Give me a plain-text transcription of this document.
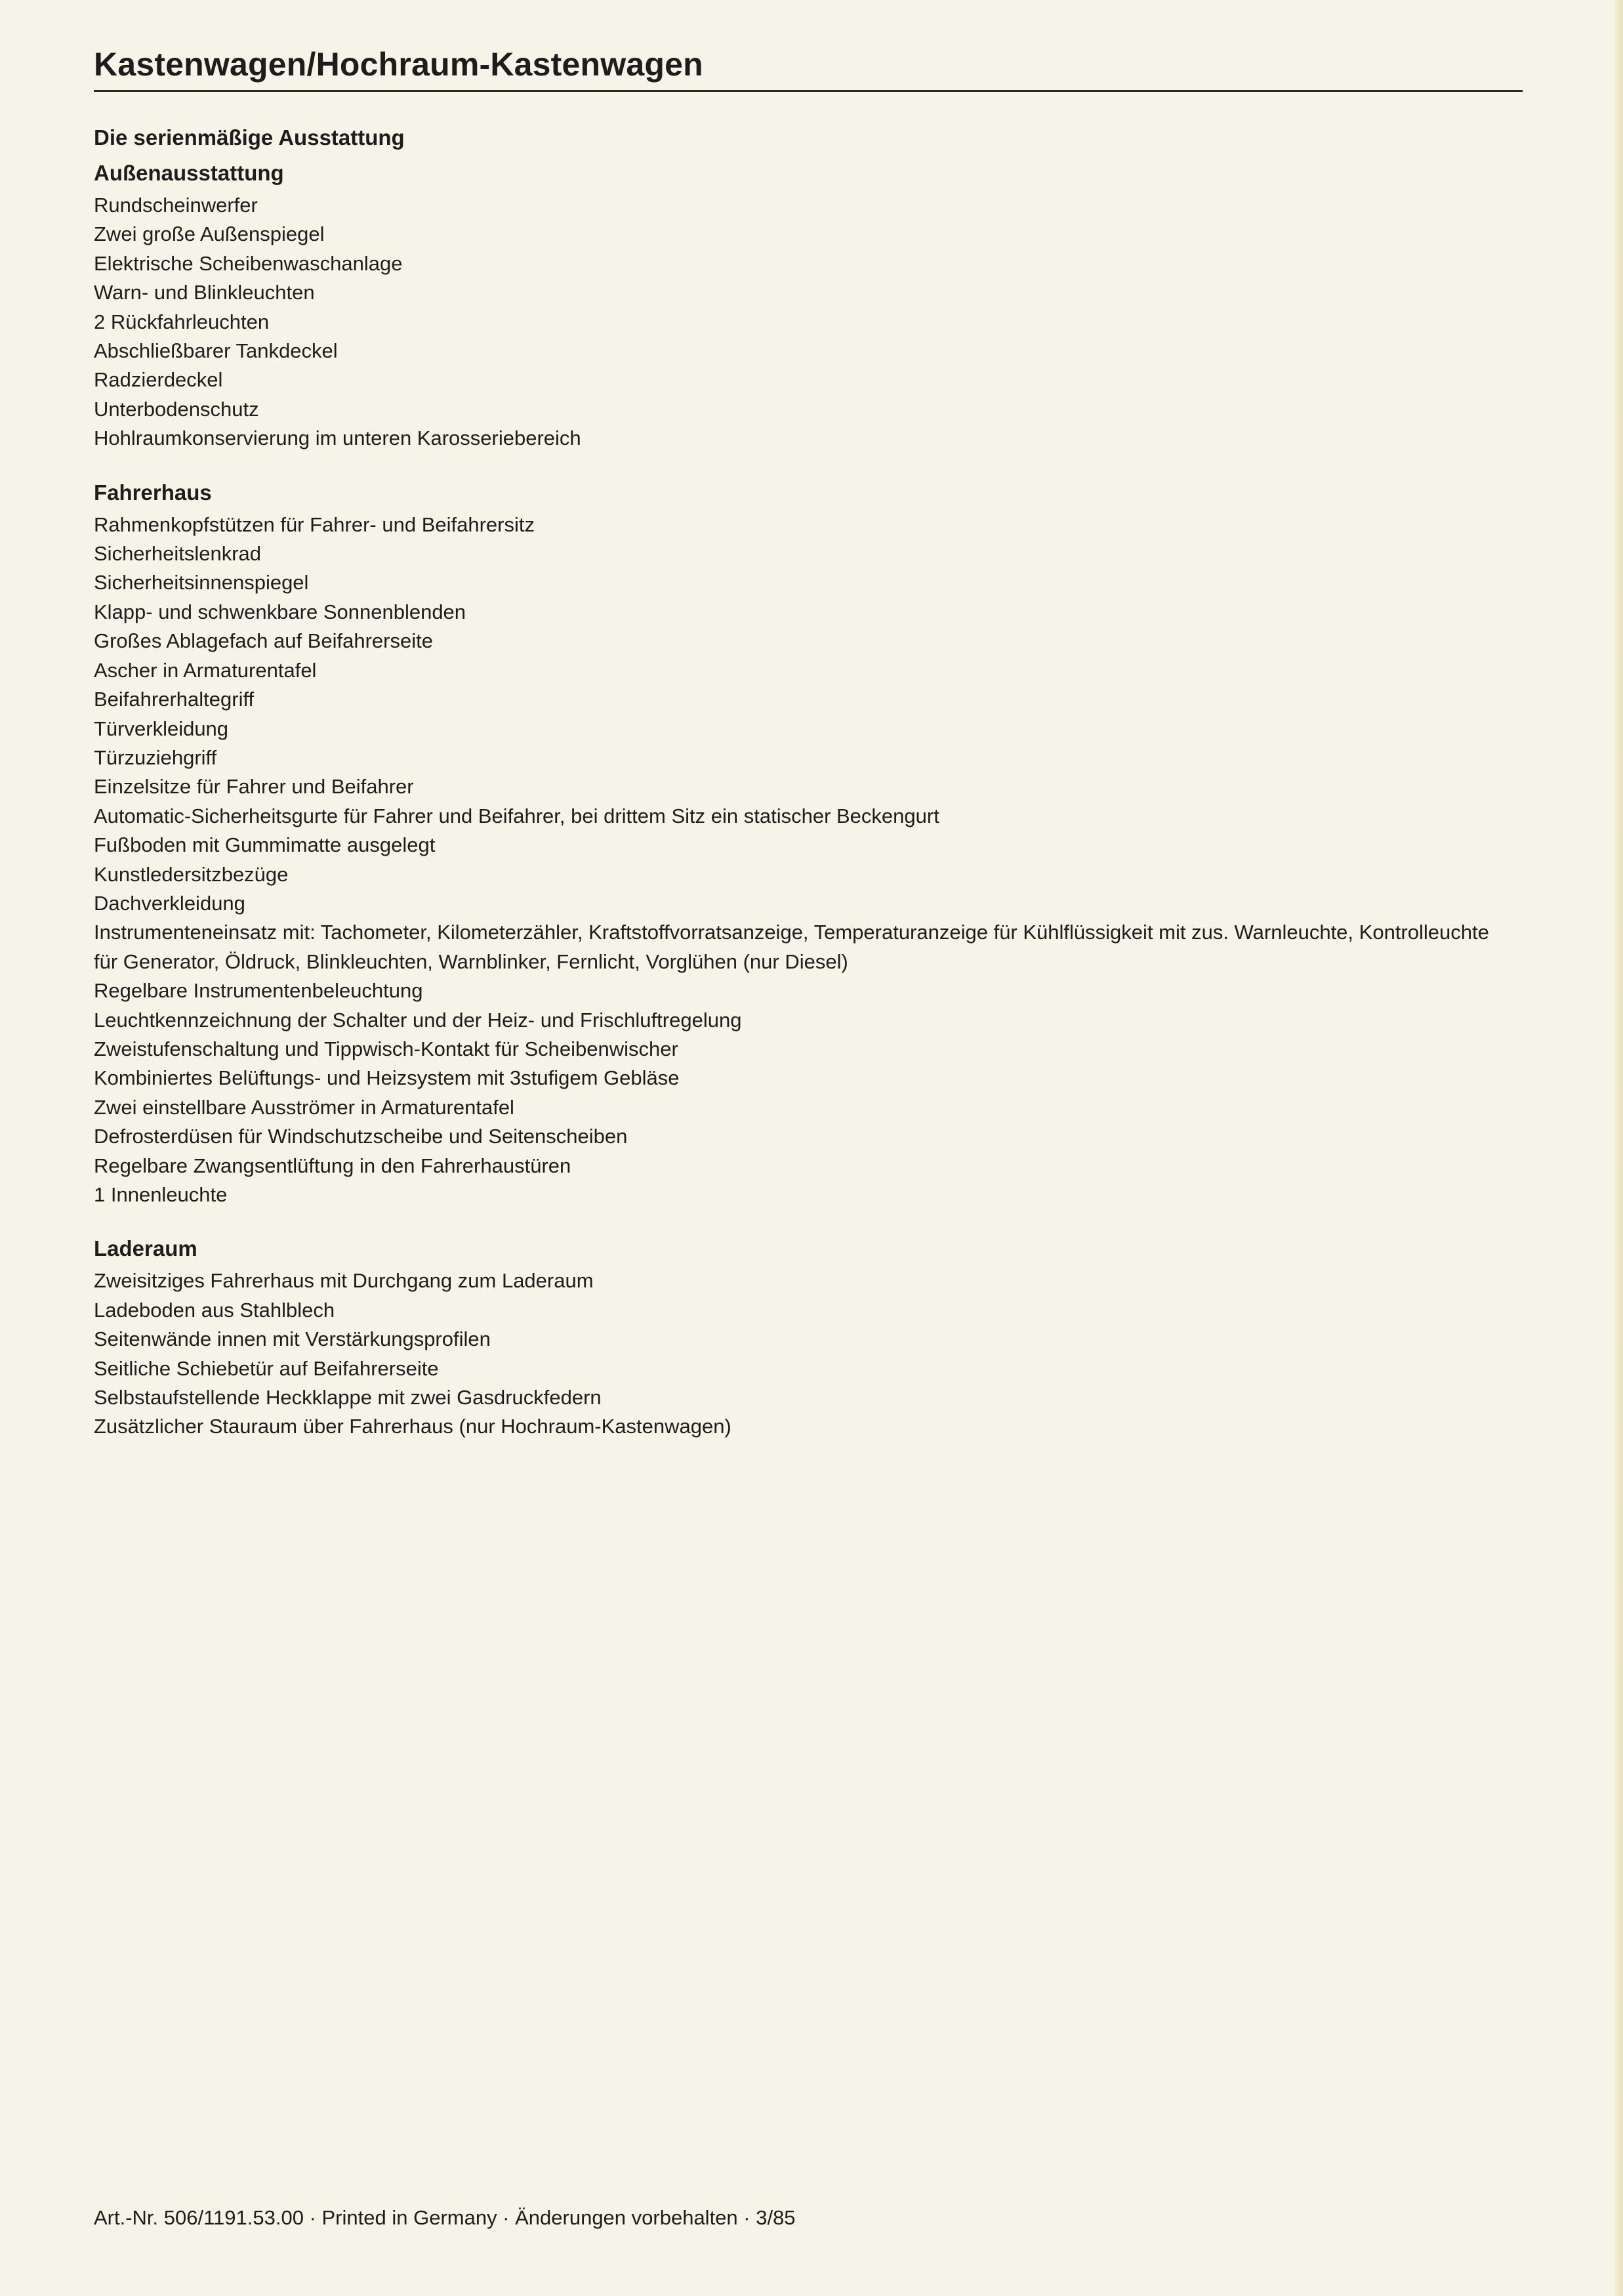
Kastenwagen/Hochraum-Kastenwagen
Die serienmäßige Ausstattung
Außenausstattung
Rundscheinwerfer
Zwei große Außenspiegel
Elektrische Scheibenwaschanlage
Warn- und Blinkleuchten
2 Rückfahrleuchten
Abschließbarer Tankdeckel
Radzierdeckel
Unterbodenschutz
Hohlraumkonservierung im unteren Karosseriebereich
Fahrerhaus
Rahmenkopfstützen für Fahrer- und Beifahrersitz
Sicherheitslenkrad
Sicherheitsinnenspiegel
Klapp- und schwenkbare Sonnenblenden
Großes Ablagefach auf Beifahrerseite
Ascher in Armaturentafel
Beifahrerhaltegriff
Türverkleidung
Türzuziehgriff
Einzelsitze für Fahrer und Beifahrer
Automatic-Sicherheitsgurte für Fahrer und Beifahrer, bei drittem Sitz ein statischer Beckengurt
Fußboden mit Gummimatte ausgelegt
Kunstledersitzbezüge
Dachverkleidung
Instrumenteneinsatz mit: Tachometer, Kilometerzähler, Kraftstoffvorratsanzeige, Temperaturanzeige für Kühlflüssigkeit mit zus. Warnleuchte, Kontrolleuchte für Generator, Öldruck, Blinkleuchten, Warnblinker, Fernlicht, Vorglühen (nur Diesel)
Regelbare Instrumentenbeleuchtung
Leuchtkennzeichnung der Schalter und der Heiz- und Frischluftregelung
Zweistufenschaltung und Tippwisch-Kontakt für Scheibenwischer
Kombiniertes Belüftungs- und Heizsystem mit 3stufigem Gebläse
Zwei einstellbare Ausströmer in Armaturentafel
Defrosterdüsen für Windschutzscheibe und Seitenscheiben
Regelbare Zwangsentlüftung in den Fahrerhaustüren
1 Innenleuchte
Laderaum
Zweisitziges Fahrerhaus mit Durchgang zum Laderaum
Ladeboden aus Stahlblech
Seitenwände innen mit Verstärkungsprofilen
Seitliche Schiebetür auf Beifahrerseite
Selbstaufstellende Heckklappe mit zwei Gasdruckfedern
Zusätzlicher Stauraum über Fahrerhaus (nur Hochraum-Kastenwagen)
Art.-Nr. 506/1191.53.00 · Printed in Germany · Änderungen vorbehalten · 3/85
